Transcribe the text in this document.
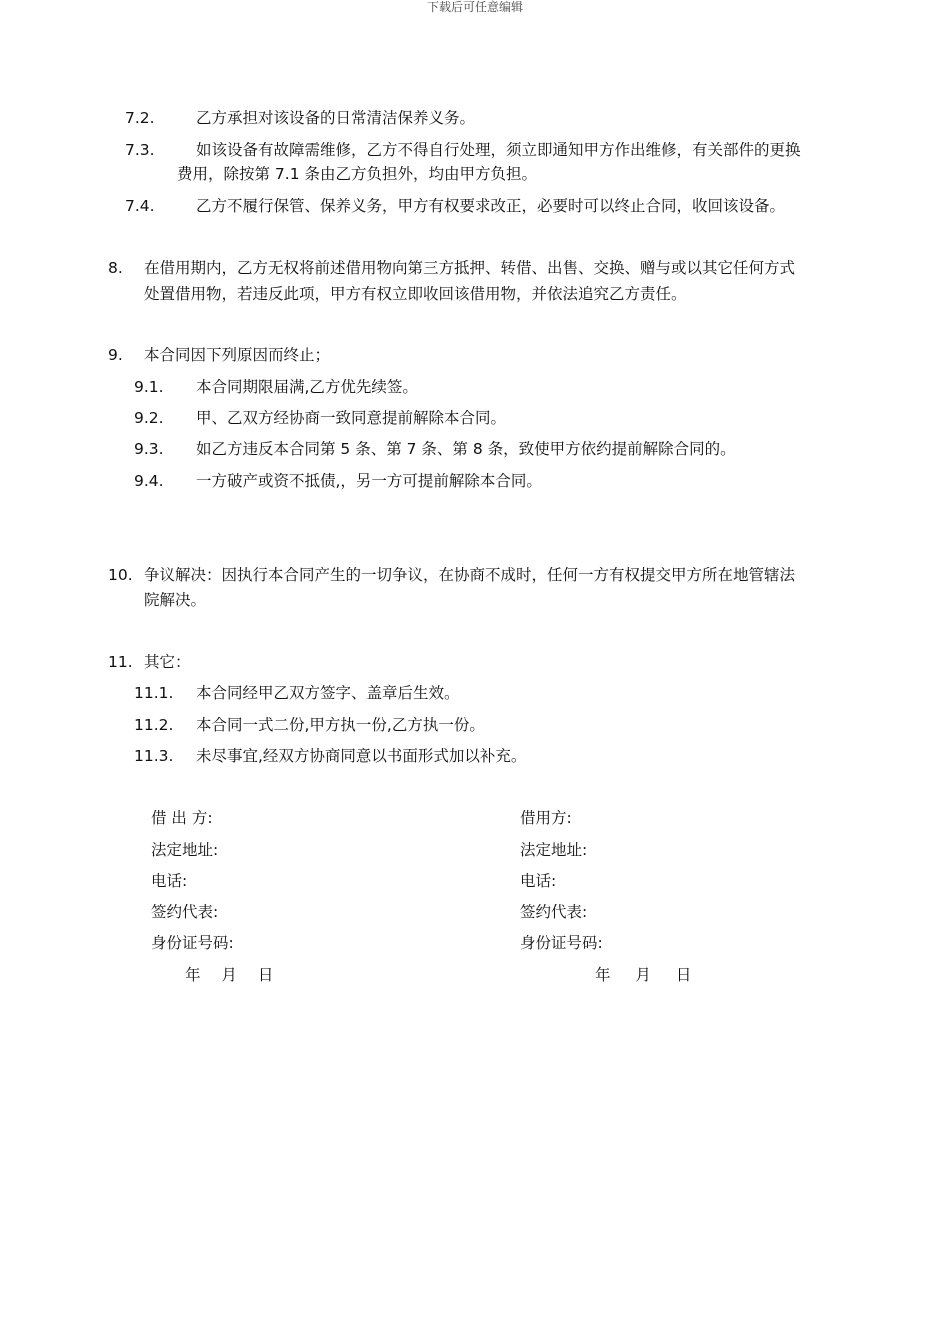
下载后可任意编辑
7.2.	乙方承担对该设备的日常清洁保养义务。
7.3.	如该设备有故障需维修，乙方不得自行处理，须立即通知甲方作出维修，有关部件的更换
费用，除按第 7.1 条由乙方负担外，均由甲方负担。
7.4.	乙方不履行保管、保养义务，甲方有权要求改正，必要时可以终止合同，收回该设备。
8. 在借用期内，乙方无权将前述借用物向第三方抵押、转借、出售、交换、赠与或以其它任何方式
处置借用物，若违反此项，甲方有权立即收回该借用物，并依法追究乙方责任。
9. 本合同因下列原因而终止；
9.1. 本合同期限届满,乙方优先续签。
9.2. 甲、乙双方经协商一致同意提前解除本合同。
9.3. 如乙方违反本合同第 5 条、第 7 条、第 8 条，致使甲方依约提前解除合同的。
9.4. 一方破产或资不抵债,，另一方可提前解除本合同。
10. 争议解决：因执行本合同产生的一切争议，在协商不成时，任何一方有权提交甲方所在地管辖法
院解决。
11. 其它：
11.1. 本合同经甲乙双方签字、盖章后生效。
11.2. 本合同一式二份,甲方执一份,乙方执一份。
11.3. 未尽事宜,经双方协商同意以书面形式加以补充。
借 出 方:
法定地址:
电话:
签约代表:
身份证号码:
年 月 日
借用方:
法定地址:
电话:
签约代表:
身份证号码:
年 月 日
